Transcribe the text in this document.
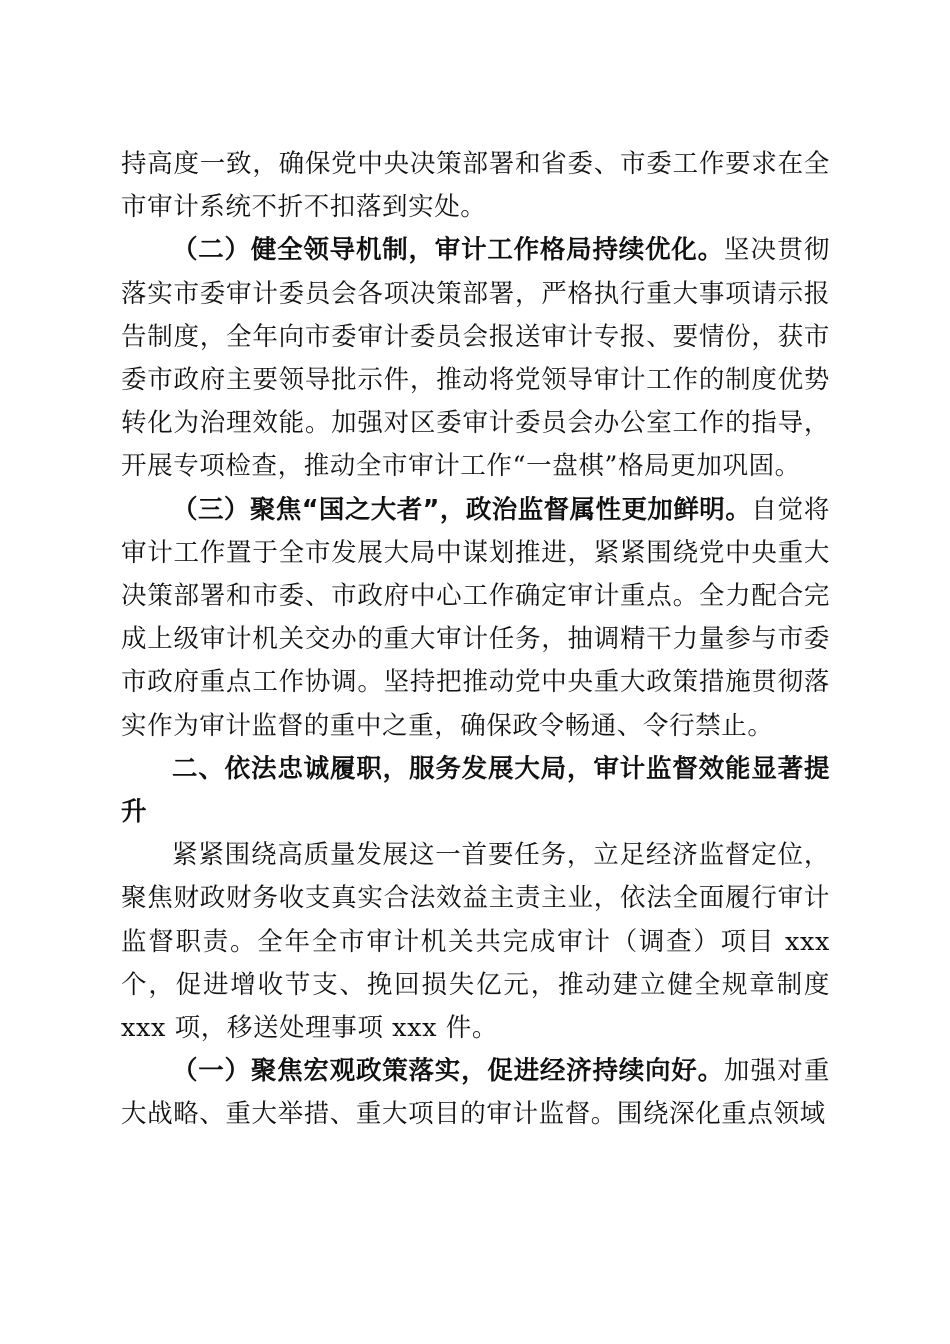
持高度一致，确保党中央决策部署和省委、市委工作要求在全市审计系统不折不扣落到实处。

（二）健全领导机制，审计工作格局持续优化。坚决贯彻落实市委审计委员会各项决策部署，严格执行重大事项请示报告制度，全年向市委审计委员会报送审计专报、要情份，获市委市政府主要领导批示件，推动将党领导审计工作的制度优势转化为治理效能。加强对区委审计委员会办公室工作的指导，开展专项检查，推动全市审计工作“一盘棋”格局更加巩固。

（三）聚焦“国之大者”，政治监督属性更加鲜明。自觉将审计工作置于全市发展大局中谋划推进，紧紧围绕党中央重大决策部署和市委、市政府中心工作确定审计重点。全力配合完成上级审计机关交办的重大审计任务，抽调精干力量参与市委市政府重点工作协调。坚持把推动党中央重大政策措施贯彻落实作为审计监督的重中之重，确保政令畅通、令行禁止。

二、依法忠诚履职，服务发展大局，审计监督效能显著提升

紧紧围绕高质量发展这一首要任务，立足经济监督定位，聚焦财政财务收支真实合法效益主责主业，依法全面履行审计监督职责。全年全市审计机关共完成审计（调查）项目 xxx 个，促进增收节支、挽回损失亿元，推动建立健全规章制度 xxx 项，移送处理事项 xxx 件。

（一）聚焦宏观政策落实，促进经济持续向好。加强对重大战略、重大举措、重大项目的审计监督。围绕深化重点领域
